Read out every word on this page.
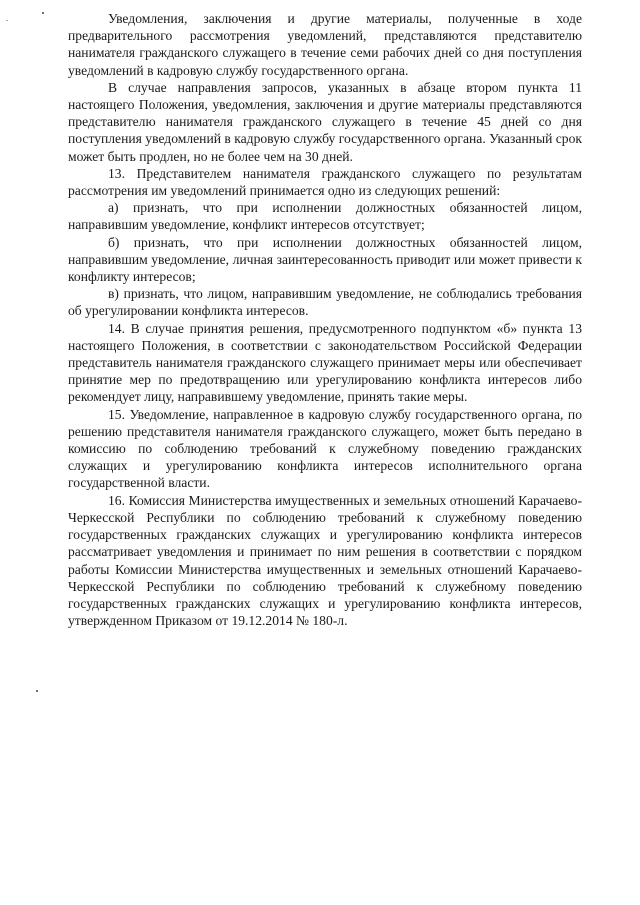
Уведомления, заключения и другие материалы, полученные в ходе предварительного рассмотрения уведомлений, представляются представителю нанимателя гражданского служащего в течение семи рабочих дней со дня поступления уведомлений в кадровую службу государственного органа.

В случае направления запросов, указанных в абзаце втором пункта 11 настоящего Положения, уведомления, заключения и другие материалы представляются представителю нанимателя гражданского служащего в течение 45 дней со дня поступления уведомлений в кадровую службу государственного органа. Указанный срок может быть продлен, но не более чем на 30 дней.

13. Представителем нанимателя гражданского служащего по результатам рассмотрения им уведомлений принимается одно из следующих решений:

а) признать, что при исполнении должностных обязанностей лицом, направившим уведомление, конфликт интересов отсутствует;

б) признать, что при исполнении должностных обязанностей лицом, направившим уведомление, личная заинтересованность приводит или может привести к конфликту интересов;

в) признать, что лицом, направившим уведомление, не соблюдались требования об урегулировании конфликта интересов.

14. В случае принятия решения, предусмотренного подпунктом «б» пункта 13 настоящего Положения, в соответствии с законодательством Российской Федерации представитель нанимателя гражданского служащего принимает меры или обеспечивает принятие мер по предотвращению или урегулированию конфликта интересов либо рекомендует лицу, направившему уведомление, принять такие меры.

15. Уведомление, направленное в кадровую службу государственного органа, по решению представителя нанимателя гражданского служащего, может быть передано в комиссию по соблюдению требований к служебному поведению гражданских служащих и урегулированию конфликта интересов исполнительного органа государственной власти.

16. Комиссия Министерства имущественных и земельных отношений Карачаево-Черкесской Республики по соблюдению требований к служебному поведению государственных гражданских служащих и урегулированию конфликта интересов рассматривает уведомления и принимает по ним решения в соответствии с порядком работы Комиссии Министерства имущественных и земельных отношений Карачаево-Черкесской Республики по соблюдению требований к служебному поведению государственных гражданских служащих и урегулированию конфликта интересов, утвержденном Приказом от 19.12.2014 № 180-л.
